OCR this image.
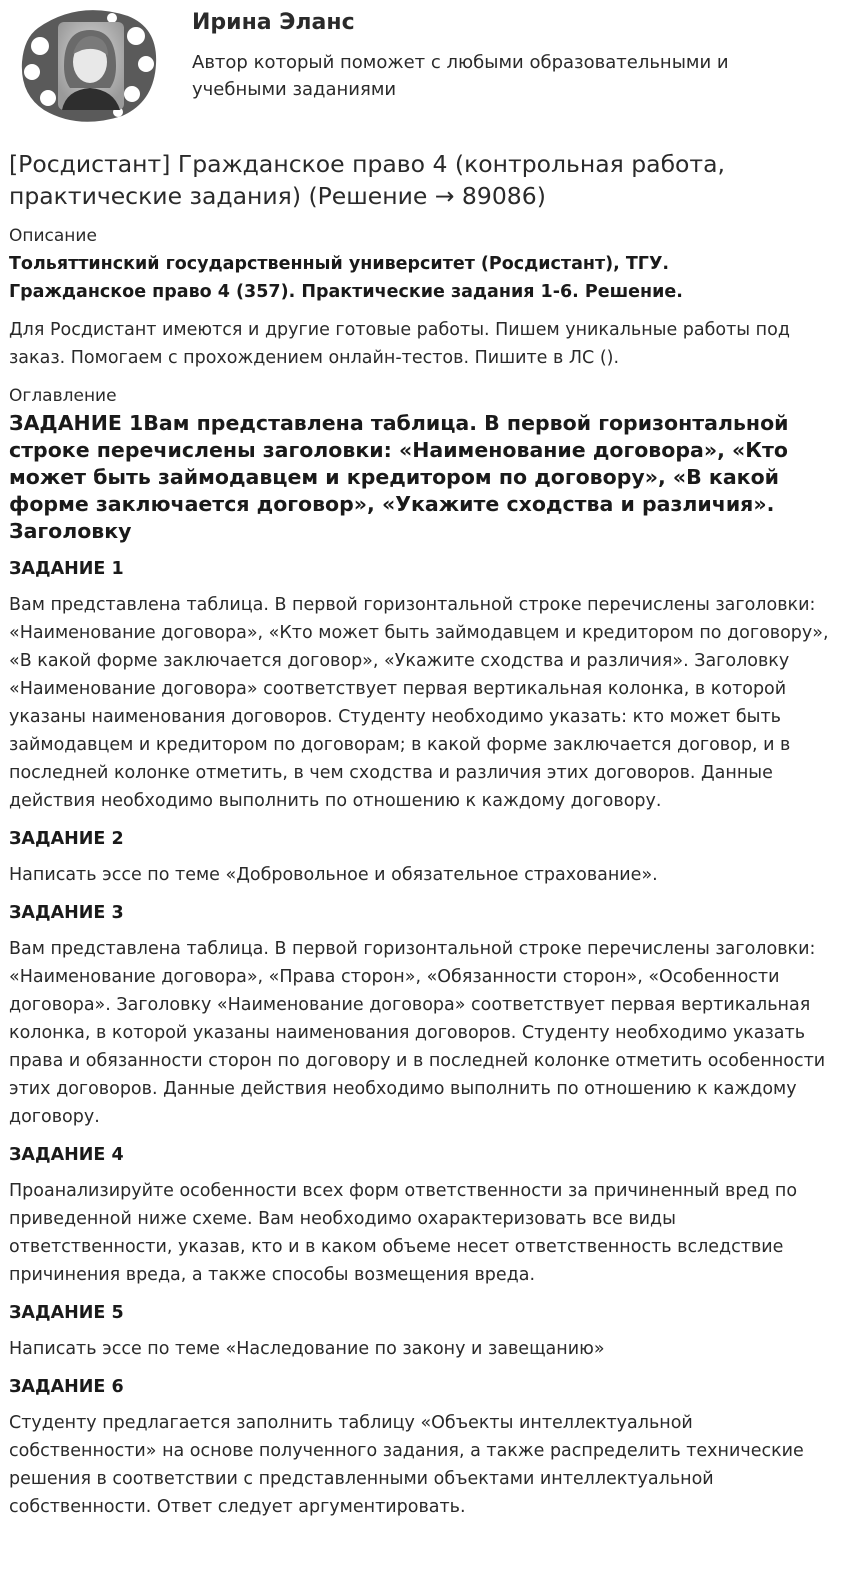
Ирина Эланс

Автор который поможет с любыми образовательными и учебными заданиями

[Росдистант] Гражданское право 4 (контрольная работа, практические задания) (Решение → 89086)
Описание

Тольяттинский государственный университет (Росдистант), ТГУ.

Гражданское право 4 (357). Практические задания 1-6. Решение.

Для Росдистант имеются и другие готовые работы. Пишем уникальные работы под заказ. Помогаем с прохождением онлайн-тестов. Пишите в ЛС ().

Оглавление

ЗАДАНИЕ 1Вам представлена таблица. В первой горизонтальной строке перечислены заголовки: «Наименование договора», «Кто может быть займодавцем и кредитором по договору», «В какой форме заключается договор», «Укажите сходства и различия». Заголовку

ЗАДАНИЕ 1

Вам представлена таблица. В первой горизонтальной строке перечислены заголовки: «Наименование договора», «Кто может быть займодавцем и кредитором по договору», «В какой форме заключается договор», «Укажите сходства и различия». Заголовку «Наименование договора» соответствует первая вертикальная колонка, в которой указаны наименования договоров. Студенту необходимо указать: кто может быть займодавцем и кредитором по договорам; в какой форме заключается договор, и в последней колонке отметить, в чем сходства и различия этих договоров. Данные действия необходимо выполнить по отношению к каждому договору.

ЗАДАНИЕ 2

Написать эссе по теме «Добровольное и обязательное страхование».

ЗАДАНИЕ 3

Вам представлена таблица. В первой горизонтальной строке перечислены заголовки: «Наименование договора», «Права сторон», «Обязанности сторон», «Особенности договора». Заголовку «Наименование договора» соответствует первая вертикальная колонка, в которой указаны наименования договоров. Студенту необходимо указать права и обязанности сторон по договору и в последней колонке отметить особенности этих договоров. Данные действия необходимо выполнить по отношению к каждому договору.

ЗАДАНИЕ 4

Проанализируйте особенности всех форм ответственности за причиненный вред по приведенной ниже схеме. Вам необходимо охарактеризовать все виды ответственности, указав, кто и в каком объеме несет ответственность вследствие причинения вреда, а также способы возмещения вреда.

ЗАДАНИЕ 5

Написать эссе по теме «Наследование по закону и завещанию»

ЗАДАНИЕ 6

Студенту предлагается заполнить таблицу «Объекты интеллектуальной собственности» на основе полученного задания, а также распределить технические решения в соответствии с представленными объектами интеллектуальной собственности. Ответ следует аргументировать.
